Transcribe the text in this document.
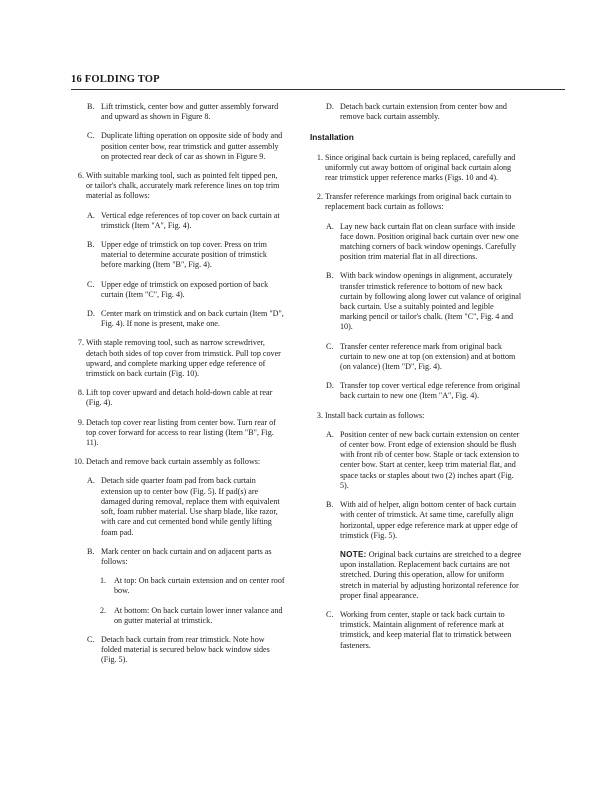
16 FOLDING TOP
B. Lift trimstick, center bow and gutter assembly forward and upward as shown in Figure 8.
C. Duplicate lifting operation on opposite side of body and position center bow, rear trimstick and gutter assembly on protected rear deck of car as shown in Figure 9.
6. With suitable marking tool, such as pointed felt tipped pen, or tailor's chalk, accurately mark reference lines on top trim material as follows:
A. Vertical edge references of top cover on back curtain at trimstick (Item "A", Fig. 4).
B. Upper edge of trimstick on top cover. Press on trim material to determine accurate position of trimstick before marking (Item "B", Fig. 4).
C. Upper edge of trimstick on exposed portion of back curtain (Item "C", Fig. 4).
D. Center mark on trimstick and on back curtain (Item "D", Fig. 4). If none is present, make one.
7. With staple removing tool, such as narrow screwdriver, detach both sides of top cover from trimstick. Pull top cover upward, and complete marking upper edge reference of trimstick on back curtain (Fig. 10).
8. Lift top cover upward and detach hold-down cable at rear (Fig. 4).
9. Detach top cover rear listing from center bow. Turn rear of top cover forward for access to rear listing (Item "B", Fig. 11).
10. Detach and remove back curtain assembly as follows:
A. Detach side quarter foam pad from back curtain extension up to center bow (Fig. 5). If pad(s) are damaged during removal, replace them with equivalent soft, foam rubber material. Use sharp blade, like razor, with care and cut cemented bond while gently lifting foam pad.
B. Mark center on back curtain and on adjacent parts as follows:
1. At top: On back curtain extension and on center roof bow.
2. At bottom: On back curtain lower inner valance and on gutter material at trimstick.
C. Detach back curtain from rear trimstick. Note how folded material is secured below back window sides (Fig. 5).
D. Detach back curtain extension from center bow and remove back curtain assembly.
Installation
1. Since original back curtain is being replaced, carefully and uniformly cut away bottom of original back curtain along rear trimstick upper reference marks (Figs. 10 and 4).
2. Transfer reference markings from original back curtain to replacement back curtain as follows:
A. Lay new back curtain flat on clean surface with inside face down. Position original back curtain over new one matching corners of back window openings. Carefully position trim material flat in all directions.
B. With back window openings in alignment, accurately transfer trimstick reference to bottom of new back curtain by following along lower cut valance of original back curtain. Use a suitably pointed and legible marking pencil or tailor's chalk. (Item "C", Fig. 4 and 10).
C. Transfer center reference mark from original back curtain to new one at top (on extension) and at bottom (on valance) (Item "D", Fig. 4).
D. Transfer top cover vertical edge reference from original back curtain to new one (Item "A", Fig. 4).
3. Install back curtain as follows:
A. Position center of new back curtain extension on center of center bow. Front edge of extension should be flush with front rib of center bow. Staple or tack extension to center bow. Start at center, keep trim material flat, and space tacks or staples about two (2) inches apart (Fig. 5).
B. With aid of helper, align bottom center of back curtain with center of trimstick. At same time, carefully align horizontal, upper edge reference mark at upper edge of trimstick (Fig. 5).
NOTE: Original back curtains are stretched to a degree upon installation. Replacement back curtains are not stretched. During this operation, allow for uniform stretch in material by adjusting horizontal reference for proper final appearance.
C. Working from center, staple or tack back curtain to trimstick. Maintain alignment of reference mark at trimstick, and keep material flat to trimstick between fasteners.
